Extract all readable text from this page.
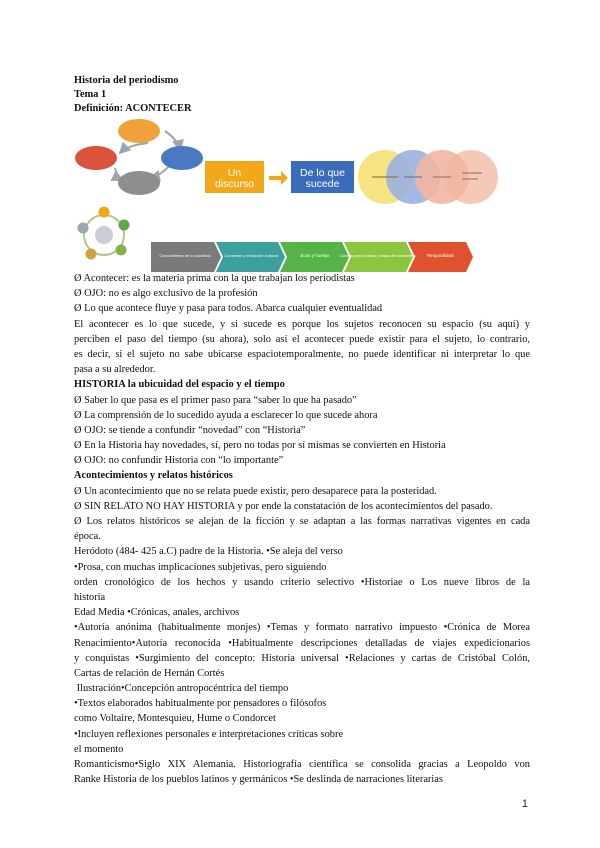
Historia del periodismo
Tema 1
Definición: ACONTECER
Un discurso
De lo que sucede
Conocimiento de lo sucedido	Consenso y evolución cultural	Ecos y huellas	Concepto para un futuro y etapas del conocimiento Temporalidad
Ø Acontecer: es la materia prima con la que trabajan los periodistas
Ø OJO: no es algo exclusivo de la profesión
Ø Lo que acontece fluye y pasa para todos. Abarca cualquier eventualidad
El acontecer es lo que sucede, y si sucede es porque los sujetos reconocen su espacio (su aquí) y
perciben el paso del tiempo (su ahora), solo así el acontecer puede existir para el sujeto, lo contrario,
es decir, si el sujeto no sabe ubicarse espaciotemporalmente, no puede identificar ni interpretar lo que
pasa a su alrededor.
HISTORIA la ubicuidad del espacio y el tiempo
Ø Saber lo que pasa es el primer paso para “saber lo que ha pasado”
Ø La comprensión de lo sucedido ayuda a esclarecer lo que sucede ahora
Ø OJO: se tiende a confundir “novedad” con “Historia”
Ø En la Historia hay novedades, sí, pero no todas por sí mismas se convierten en Historia
Ø OJO: no confundir Historia con “lo importante”
Acontecimientos y relatos históricos
Ø Un acontecimiento que no se relata puede existir, pero desaparece para la posteridad.
Ø SIN RELATO NO HAY HISTORIA y por ende la constatación de los acontecimientos del pasado.
Ø Los relatos históricos se alejan de la ficción y se adaptan a las formas narrativas vigentes en cada
época.
Heródoto (484- 425 a.C) padre de la Historia. •Se aleja del verso
•Prosa, con muchas implicaciones subjetivas, pero siguiendo
orden cronológico de los hechos y usando criterio selectivo •Historiae o Los nueve libros de la
historia
Edad Media •Crónicas, anales, archivos
•Autoría anónima (habitualmente monjes) •Temas y formato narrativo impuesto •Crónica de Morea
Renacimiento•Autoría reconocida •Habitualmente descripciones detalladas de viajes expedicionarios
y conquistas •Surgimiento del concepto: Historia universal •Relaciones y cartas de Cristóbal Colón,
Cartas de relación de Hernán Cortés
Ilustración•Concepción antropocéntrica del tiempo
•Textos elaborados habitualmente por pensadores o filósofos
como Voltaire, Montesquieu, Hume o Condorcet
•Incluyen reflexiones personales e interpretaciones críticas sobre
el momento
Romanticismo•Siglo XIX Alemania. Historiografía científica se consolida gracias a Leopoldo von
Ranke Historia de los pueblos latinos y germánicos •Se deslinda de narraciones literarias
1
